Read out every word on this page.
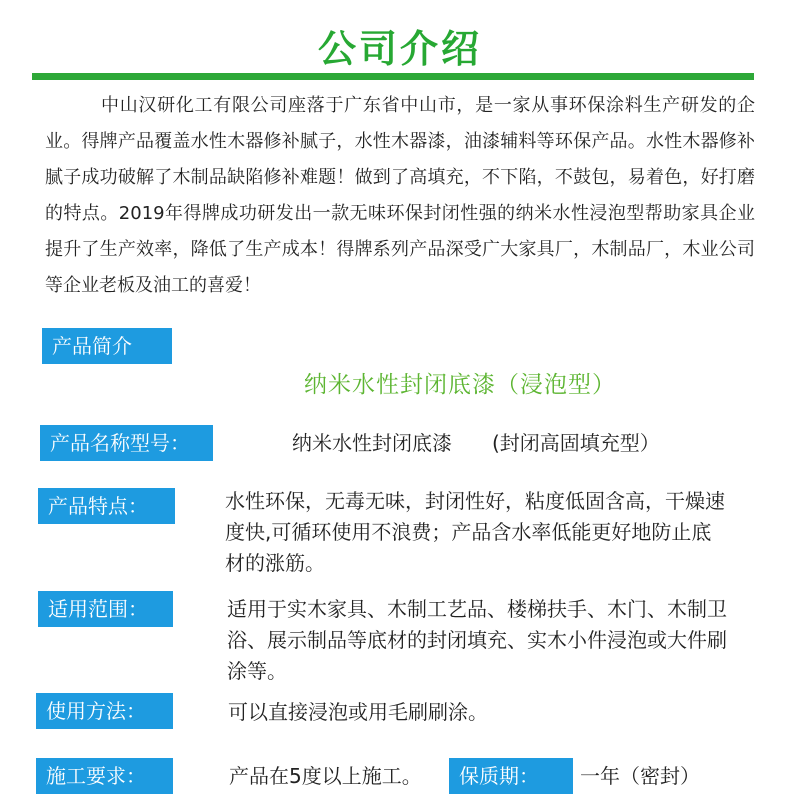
公司介绍

中山汉研化工有限公司座落于广东省中山市，是一家从事环保涂料生产研发的企业。得牌产品覆盖水性木器修补腻子，水性木器漆，油漆辅料等环保产品。水性木器修补腻子成功破解了木制品缺陷修补难题！做到了高填充，不下陷，不鼓包，易着色，好打磨的特点。2019年得牌成功研发出一款无味环保封闭性强的纳米水性浸泡型帮助家具企业提升了生产效率，降低了生产成本！得牌系列产品深受广大家具厂，木制品厂，木业公司等企业老板及油工的喜爱！

产品简介
纳米水性封闭底漆（浸泡型）
产品名称型号：	纳米水性封闭底漆　　(封闭高固填充型）

产品特点：	水性环保，无毒无味，封闭性好，粘度低固含高，干燥速度快,可循环使用不浪费；产品含水率低能更好地防止底材的涨筋。

适用范围：	适用于实木家具、木制工艺品、楼梯扶手、木门、木制卫浴、展示制品等底材的封闭填充、实木小件浸泡或大件刷涂等。

使用方法：	可以直接浸泡或用毛刷刷涂。

施工要求：	产品在5度以上施工。	保质期：	一年（密封）
